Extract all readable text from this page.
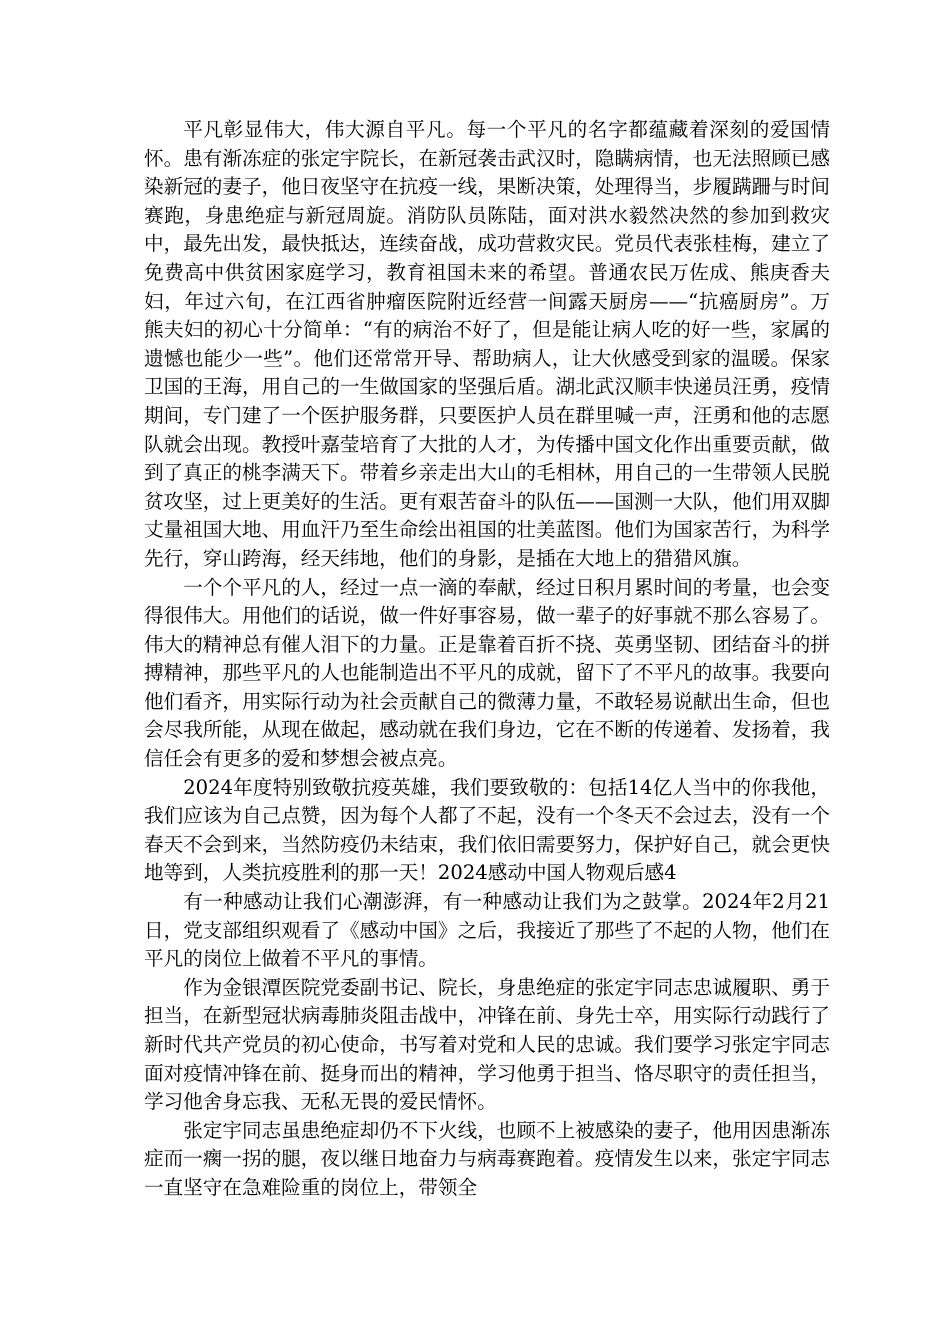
平凡彰显伟大，伟大源自平凡。每一个平凡的名字都蕴藏着深刻的爱国情怀。患有渐冻症的张定宇院长，在新冠袭击武汉时，隐瞒病情，也无法照顾已感染新冠的妻子，他日夜坚守在抗疫一线，果断决策，处理得当，步履蹒跚与时间赛跑，身患绝症与新冠周旋。消防队员陈陆，面对洪水毅然决然的参加到救灾中，最先出发，最快抵达，连续奋战，成功营救灾民。党员代表张桂梅，建立了免费高中供贫困家庭学习，教育祖国未来的希望。普通农民万佐成、熊庚香夫妇，年过六旬，在江西省肿瘤医院附近经营一间露天厨房——“抗癌厨房”。万熊夫妇的初心十分简单：“有的病治不好了，但是能让病人吃的好一些，家属的遗憾也能少一些”。他们还常常开导、帮助病人，让大伙感受到家的温暖。保家卫国的王海，用自己的一生做国家的坚强后盾。湖北武汉顺丰快递员汪勇，疫情期间，专门建了一个医护服务群，只要医护人员在群里喊一声，汪勇和他的志愿队就会出现。教授叶嘉莹培育了大批的人才，为传播中国文化作出重要贡献，做到了真正的桃李满天下。带着乡亲走出大山的毛相林，用自己的一生带领人民脱贫攻坚，过上更美好的生活。更有艰苦奋斗的队伍——国测一大队，他们用双脚丈量祖国大地、用血汗乃至生命绘出祖国的壮美蓝图。他们为国家苦行，为科学先行，穿山跨海，经天纬地，他们的身影，是插在大地上的猎猎风旗。

一个个平凡的人，经过一点一滴的奉献，经过日积月累时间的考量，也会变得很伟大。用他们的话说，做一件好事容易，做一辈子的好事就不那么容易了。伟大的精神总有催人泪下的力量。正是靠着百折不挠、英勇坚韧、团结奋斗的拼搏精神，那些平凡的人也能制造出不平凡的成就，留下了不平凡的故事。我要向他们看齐，用实际行动为社会贡献自己的微薄力量，不敢轻易说献出生命，但也会尽我所能，从现在做起，感动就在我们身边，它在不断的传递着、发扬着，我信任会有更多的爱和梦想会被点亮。

2024年度特别致敬抗疫英雄，我们要致敬的：包括14亿人当中的你我他，我们应该为自己点赞，因为每个人都了不起，没有一个冬天不会过去，没有一个春天不会到来，当然防疫仍未结束，我们依旧需要努力，保护好自己，就会更快地等到，人类抗疫胜利的那一天！2024感动中国人物观后感4

有一种感动让我们心潮澎湃，有一种感动让我们为之鼓掌。2024年2月21日，党支部组织观看了《感动中国》之后，我接近了那些了不起的人物，他们在平凡的岗位上做着不平凡的事情。

作为金银潭医院党委副书记、院长，身患绝症的张定宇同志忠诚履职、勇于担当，在新型冠状病毒肺炎阻击战中，冲锋在前、身先士卒，用实际行动践行了新时代共产党员的初心使命，书写着对党和人民的忠诚。我们要学习张定宇同志面对疫情冲锋在前、挺身而出的精神，学习他勇于担当、恪尽职守的责任担当，学习他舍身忘我、无私无畏的爱民情怀。

张定宇同志虽患绝症却仍不下火线，也顾不上被感染的妻子，他用因患渐冻症而一瘸一拐的腿，夜以继日地奋力与病毒赛跑着。疫情发生以来，张定宇同志一直坚守在急难险重的岗位上，带领全
